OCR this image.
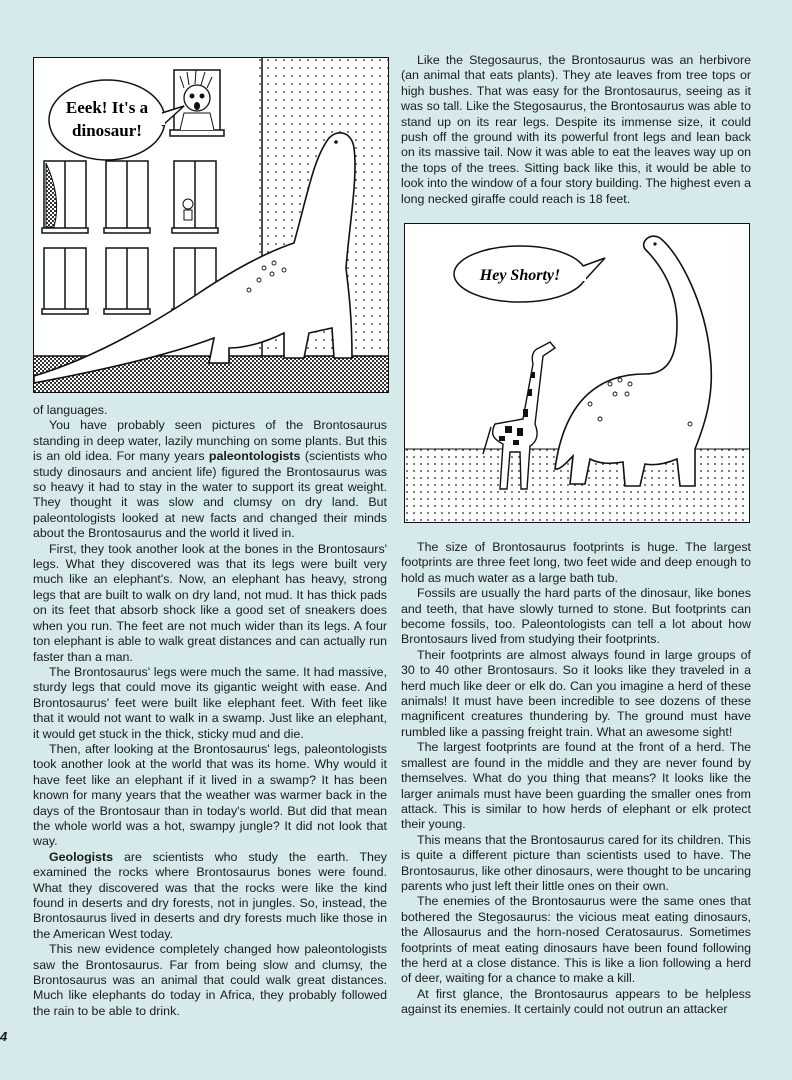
Eeek! It's a
dinosaur!
Hey Shorty!

Like the Stegosaurus, the Brontosaurus was an herbivore (an animal that eats plants). They ate leaves from tree tops or high bushes. That was easy for the Brontosaurus, seeing as it was so tall. Like the Stegosaurus, the Brontosaurus was able to stand up on its rear legs. Despite its immense size, it could push off the ground with its powerful front legs and lean back on its massive tail. Now it was able to eat the leaves way up on the tops of the trees. Sitting back like this, it would be able to look into the window of a four story building. The highest even a long necked giraffe could reach is 18 feet.

of languages.

You have probably seen pictures of the Brontosaurus standing in deep water, lazily munching on some plants. But this is an old idea. For many years paleontologists (scientists who study dinosaurs and ancient life) figured the Brontosaurus was so heavy it had to stay in the water to support its great weight. They thought it was slow and clumsy on dry land. But paleontologists looked at new facts and changed their minds about the Brontosaurus and the world it lived in.

First, they took another look at the bones in the Brontosaurs' legs. What they discovered was that its legs were built very much like an elephant's. Now, an elephant has heavy, strong legs that are built to walk on dry land, not mud. It has thick pads on its feet that absorb shock like a good set of sneakers does when you run. The feet are not much wider than its legs. A four ton elephant is able to walk great distances and can actually run faster than a man.

The Brontosaurus' legs were much the same. It had massive, sturdy legs that could move its gigantic weight with ease. And Brontosaurus' feet were built like elephant feet. With feet like that it would not want to walk in a swamp. Just like an elephant, it would get stuck in the thick, sticky mud and die.

Then, after looking at the Brontosaurus' legs, paleontologists took another look at the world that was its home. Why would it have feet like an elephant if it lived in a swamp? It has been known for many years that the weather was warmer back in the days of the Brontosaur than in today's world. But did that mean the whole world was a hot, swampy jungle? It did not look that way.

Geologists are scientists who study the earth. They examined the rocks where Brontosaurus bones were found. What they discovered was that the rocks were like the kind found in deserts and dry forests, not in jungles. So, instead, the Brontosaurus lived in deserts and dry forests much like those in the American West today.

This new evidence completely changed how paleontologists saw the Brontosaurus. Far from being slow and clumsy, the Brontosaurus was an animal that could walk great distances. Much like elephants do today in Africa, they probably followed the rain to be able to drink.

The size of Brontosaurus footprints is huge. The largest footprints are three feet long, two feet wide and deep enough to hold as much water as a large bath tub.

Fossils are usually the hard parts of the dinosaur, like bones and teeth, that have slowly turned to stone. But footprints can become fossils, too. Paleontologists can tell a lot about how Brontosaurs lived from studying their footprints.

Their footprints are almost always found in large groups of 30 to 40 other Brontosaurs. So it looks like they traveled in a herd much like deer or elk do. Can you imagine a herd of these animals! It must have been incredible to see dozens of these magnificent creatures thundering by. The ground must have rumbled like a passing freight train. What an awesome sight!

The largest footprints are found at the front of a herd. The smallest are found in the middle and they are never found by themselves. What do you thing that means? It looks like the larger animals must have been guarding the smaller ones from attack. This is similar to how herds of elephant or elk protect their young.

This means that the Brontosaurus cared for its children. This is quite a different picture than scientists used to have. The Brontosaurus, like other dinosaurs, were thought to be uncaring parents who just left their little ones on their own.

The enemies of the Brontosaurus were the same ones that bothered the Stegosaurus: the vicious meat eating dinosaurs, the Allosaurus and the horn-nosed Ceratosaurus. Sometimes footprints of meat eating dinosaurs have been found following the herd at a close distance. This is like a lion following a herd of deer, waiting for a chance to make a kill.

At first glance, the Brontosaurus appears to be helpless against its enemies. It certainly could not outrun an attacker

4
